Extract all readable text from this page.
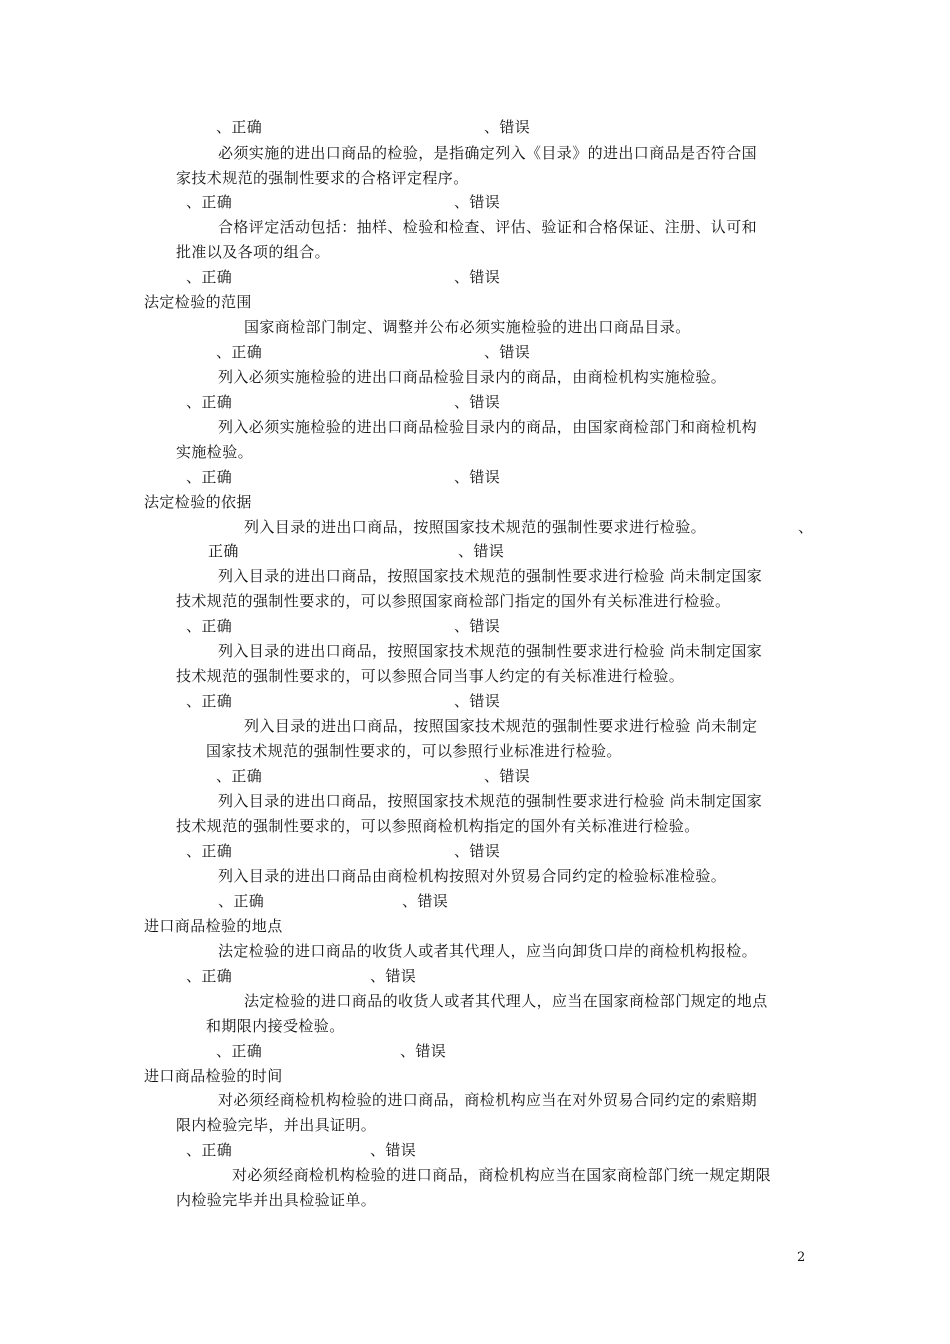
、正确	、错误
必须实施的进出口商品的检验，是指确定列入《目录》的进出口商品是否符合国
家技术规范的强制性要求的合格评定程序。
、正确	、错误
合格评定活动包括：抽样、检验和检查、评估、验证和合格保证、注册、认可和
批准以及各项的组合。
、正确	、错误
法定检验的范围
国家商检部门制定、调整并公布必须实施检验的进出口商品目录。
、正确	、错误
列入必须实施检验的进出口商品检验目录内的商品，由商检机构实施检验。
、正确	、错误
列入必须实施检验的进出口商品检验目录内的商品，由国家商检部门和商检机构
实施检验。
、正确	、错误
法定检验的依据
列入目录的进出口商品，按照国家技术规范的强制性要求进行检验。	、
正确	、错误
列入目录的进出口商品，按照国家技术规范的强制性要求进行检验 尚未制定国家
技术规范的强制性要求的，可以参照国家商检部门指定的国外有关标准进行检验。
、正确	、错误
列入目录的进出口商品，按照国家技术规范的强制性要求进行检验 尚未制定国家
技术规范的强制性要求的，可以参照合同当事人约定的有关标准进行检验。
、正确	、错误
列入目录的进出口商品，按照国家技术规范的强制性要求进行检验 尚未制定
国家技术规范的强制性要求的，可以参照行业标准进行检验。
、正确	、错误
列入目录的进出口商品，按照国家技术规范的强制性要求进行检验 尚未制定国家
技术规范的强制性要求的，可以参照商检机构指定的国外有关标准进行检验。
、正确	、错误
列入目录的进出口商品由商检机构按照对外贸易合同约定的检验标准检验。
、正确	、错误
进口商品检验的地点
法定检验的进口商品的收货人或者其代理人，应当向卸货口岸的商检机构报检。
、正确	、错误
法定检验的进口商品的收货人或者其代理人，应当在国家商检部门规定的地点
和期限内接受检验。
、正确	、错误
进口商品检验的时间
对必须经商检机构检验的进口商品，商检机构应当在对外贸易合同约定的索赔期
限内检验完毕，并出具证明。
、正确	、错误
对必须经商检机构检验的进口商品，商检机构应当在国家商检部门统一规定期限
内检验完毕并出具检验证单。
2
